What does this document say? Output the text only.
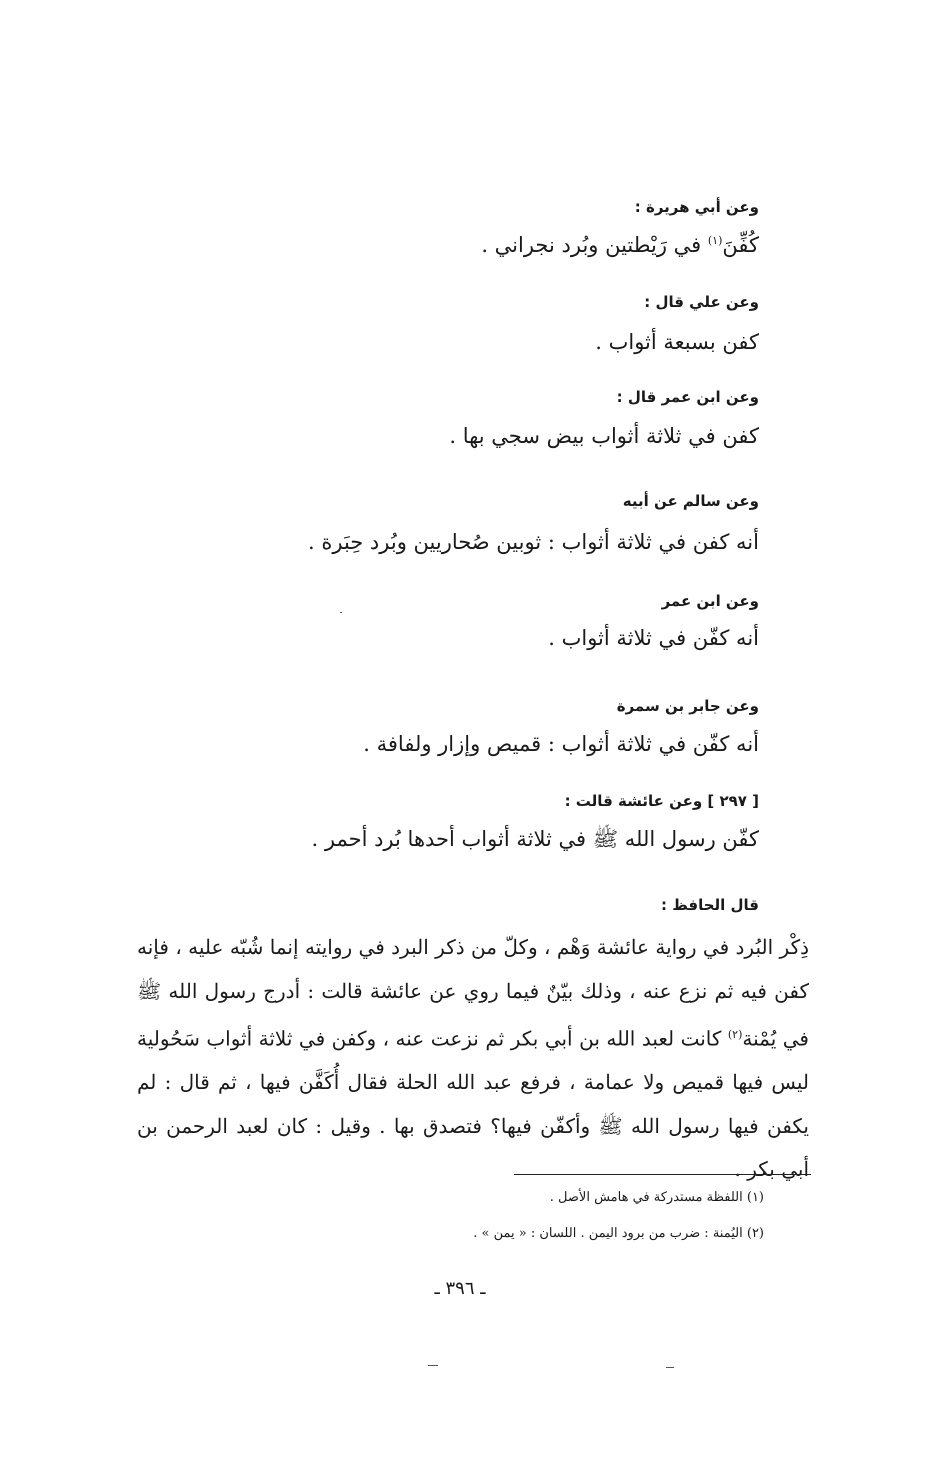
وعن أبي هريرة :
كُفِّنَ$^{(١)}$ في رَيْطتين وبُرد نجراني .
وعن علي قال :
كفن بسبعة أثواب .
وعن ابن عمر قال :
كفن في ثلاثة أثواب بيض سجي بها .
وعن سالم عن أبيه
أنه كفن في ثلاثة أثواب : ثوبين صُحاريين وبُرد حِبَرة .
وعن ابن عمر
أنه كفّن في ثلاثة أثواب .
وعن جابر بن سمرة
أنه كفّن في ثلاثة أثواب : قميص وإزار ولفافة .
[ ٢٩٧ ] وعن عائشة قالت :
كفّن رسول الله ﷺ في ثلاثة أثواب أحدها بُرد أحمر .
قال الحافظ :
ذِكْر البُرد في رواية عائشة وَهْم ، وكلّ من ذكر البرد في روايته إنما شُبّه عليه ، فإنه كفن فيه ثم نزع عنه ، وذلك بيّنٌ فيما روي عن عائشة قالت : أدرج رسول الله ﷺ في يُمْنة$^{(٢)}$ كانت لعبد الله بن أبي بكر ثم نزعت عنه ، وكفن في ثلاثة أثواب سَحُولية ليس فيها قميص ولا عمامة ، فرفع عبد الله الحلة فقال أُكَفَّن فيها ، ثم قال : لم يكفن فيها رسول الله ﷺ وأكفّن فيها؟ فتصدق بها . وقيل : كان لعبد الرحمن بن أبي بكر .
(١) اللفظة مستدركة في هامش الأصل .
(٢) اليُمنة : ضرب من برود اليمن . اللسان : « يمن » .
ـ ٣٩٦ ـ
